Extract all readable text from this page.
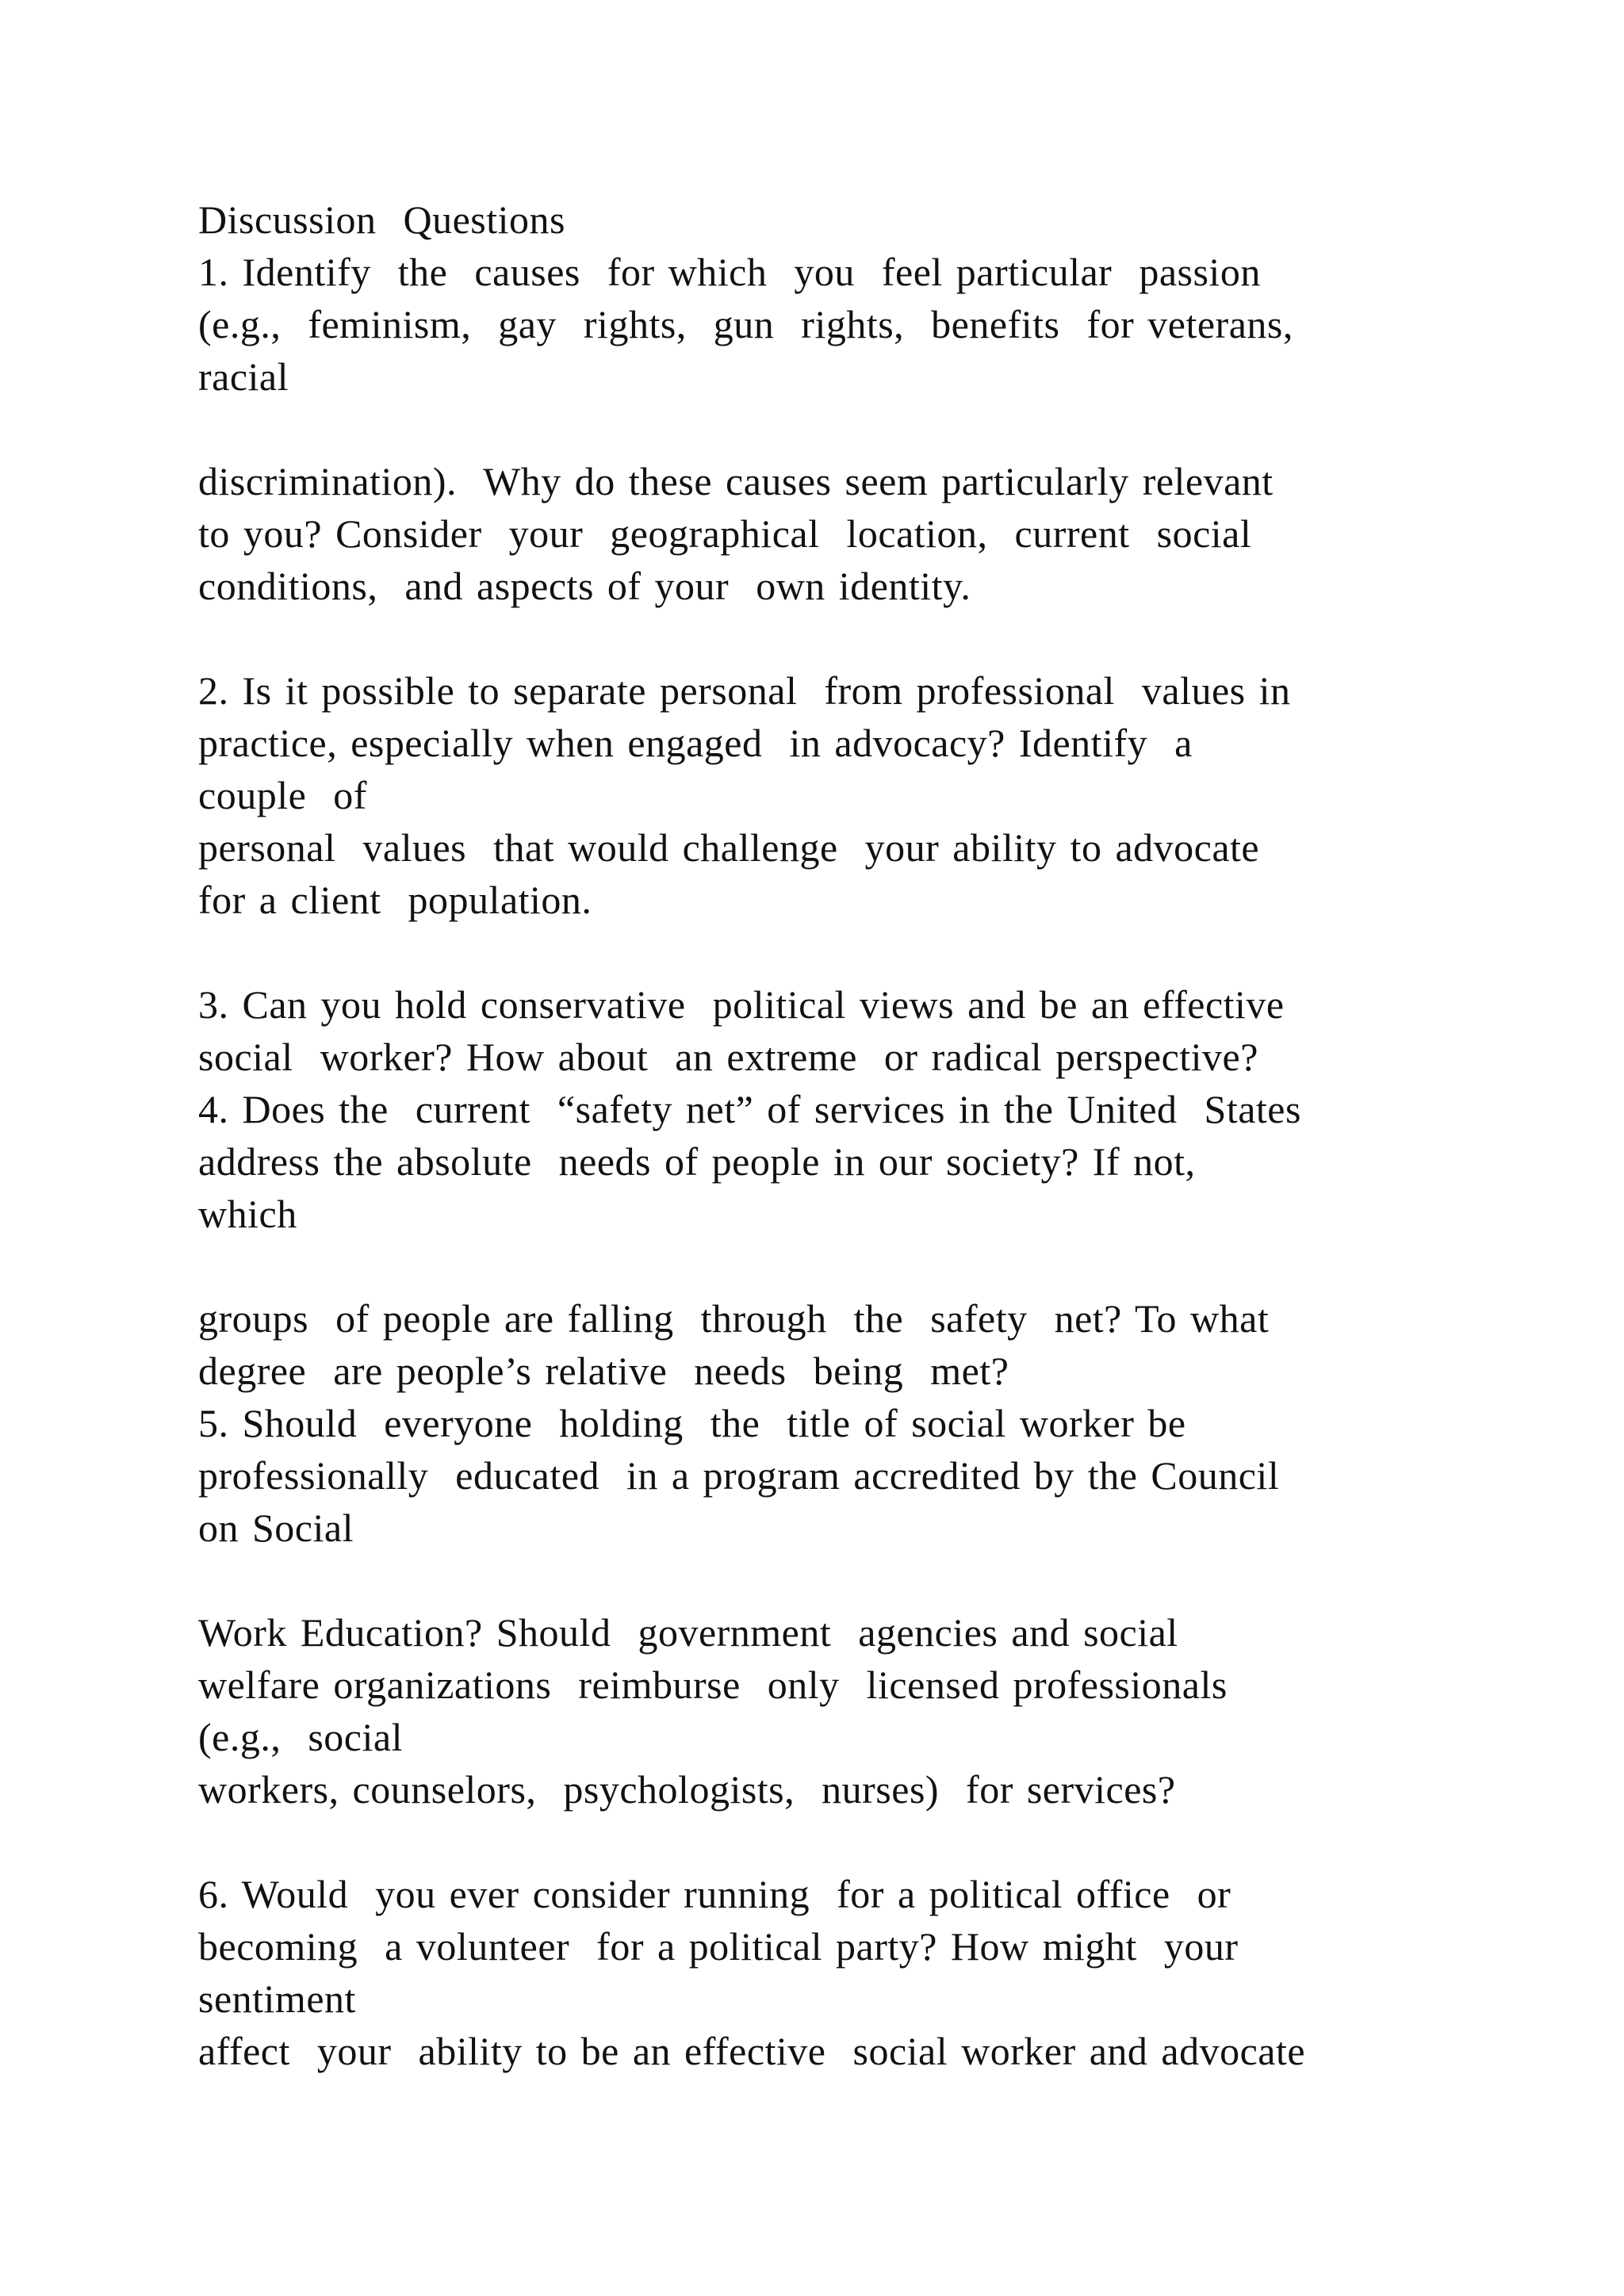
Discussion  Questions
1. Identify  the  causes  for which  you  feel particular  passion
(e.g.,  feminism,  gay  rights,  gun  rights,  benefits  for veterans,
racial
discrimination).  Why do these causes seem particularly relevant
to you? Consider  your  geographical  location,  current  social
conditions,  and aspects of your  own identity.
2. Is it possible to separate personal  from professional  values in
practice, especially when engaged  in advocacy? Identify  a
couple  of
personal  values  that would challenge  your ability to advocate
for a client  population.
3. Can you hold conservative  political views and be an effective
social  worker? How about  an extreme  or radical perspective?
4. Does the  current  “safety net” of services in the United  States
address the absolute  needs of people in our society? If not,
which
groups  of people are falling  through  the  safety  net? To what
degree  are people’s relative  needs  being  met?
5. Should  everyone  holding  the  title of social worker be
professionally  educated  in a program accredited by the Council
on Social
Work Education? Should  government  agencies and social
welfare organizations  reimburse  only  licensed professionals
(e.g.,  social
workers, counselors,  psychologists,  nurses)  for services?
6. Would  you ever consider running  for a political office  or
becoming  a volunteer  for a political party? How might  your
sentiment
affect  your  ability to be an effective  social worker and advocate
